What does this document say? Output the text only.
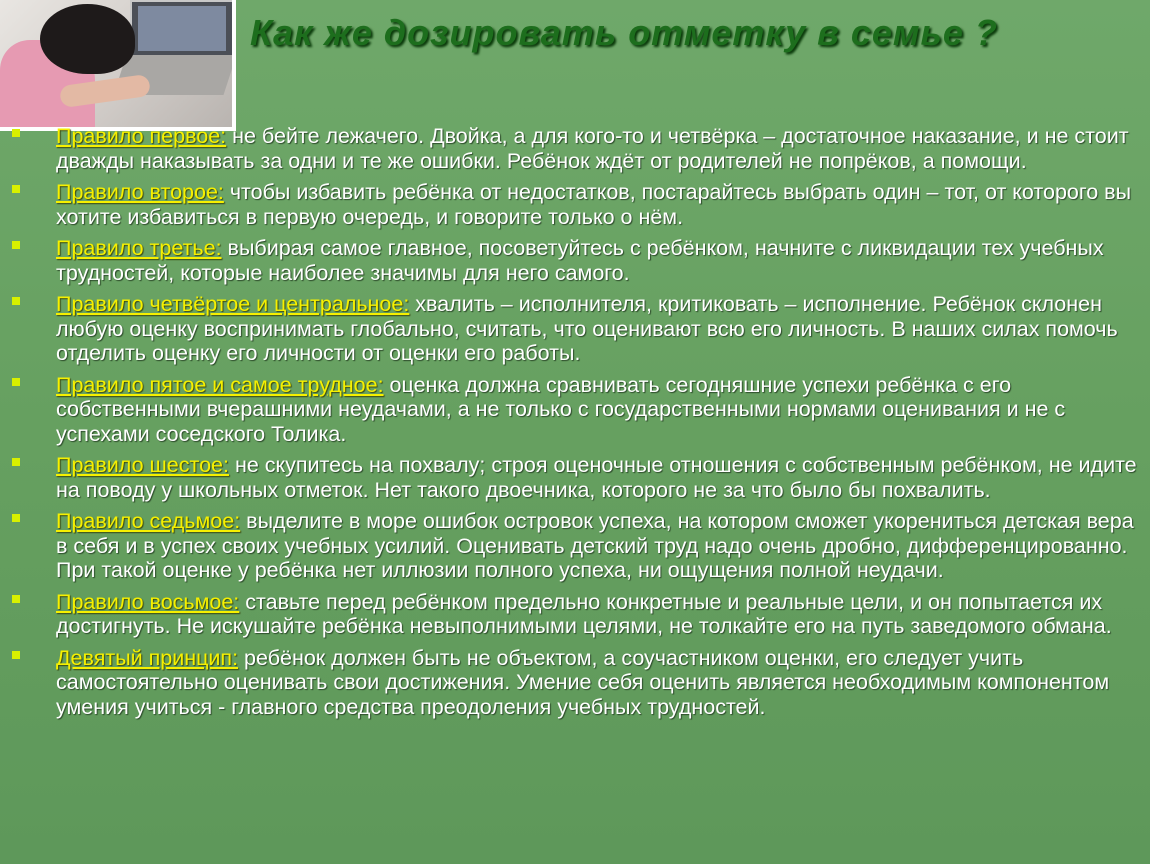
Как же дозировать отметку в семье ?
Правило первое: не бейте лежачего. Двойка, а для кого-то и четвёрка – достаточное наказание, и не стоит дважды наказывать за одни и те же ошибки. Ребёнок ждёт от родителей не попрёков, а помощи.
Правило второе: чтобы избавить ребёнка от недостатков, постарайтесь выбрать один – тот, от которого вы хотите избавиться в первую очередь, и говорите только о нём.
Правило третье: выбирая самое главное, посоветуйтесь с ребёнком, начните с ликвидации тех учебных трудностей, которые наиболее значимы для него самого.
Правило четвёртое и центральное: хвалить – исполнителя, критиковать – исполнение. Ребёнок склонен любую оценку воспринимать глобально, считать, что оценивают всю его личность. В наших силах помочь отделить оценку его личности от оценки его работы.
Правило пятое и самое трудное: оценка должна сравнивать сегодняшние успехи ребёнка с его собственными вчерашними неудачами, а не только с государственными нормами оценивания и не с успехами соседского Толика.
Правило шестое: не скупитесь на похвалу; строя оценочные отношения с собственным ребёнком, не идите на поводу у школьных отметок. Нет такого двоечника, которого не за что было бы похвалить.
Правило седьмое: выделите в море ошибок островок успеха, на котором сможет укорениться детская вера в себя и в успех своих учебных усилий. Оценивать детский труд надо очень дробно, дифференцированно. При такой оценке у ребёнка нет иллюзии полного успеха, ни ощущения полной неудачи.
Правило восьмое: ставьте перед ребёнком предельно конкретные и реальные цели, и он попытается их достигнуть. Не искушайте ребёнка невыполнимыми целями, не толкайте его на путь заведомого обмана.
Девятый принцип: ребёнок должен быть не объектом, а соучастником оценки, его следует учить самостоятельно оценивать свои достижения. Умение себя оценить является необходимым компонентом умения учиться - главного средства преодоления учебных трудностей.
